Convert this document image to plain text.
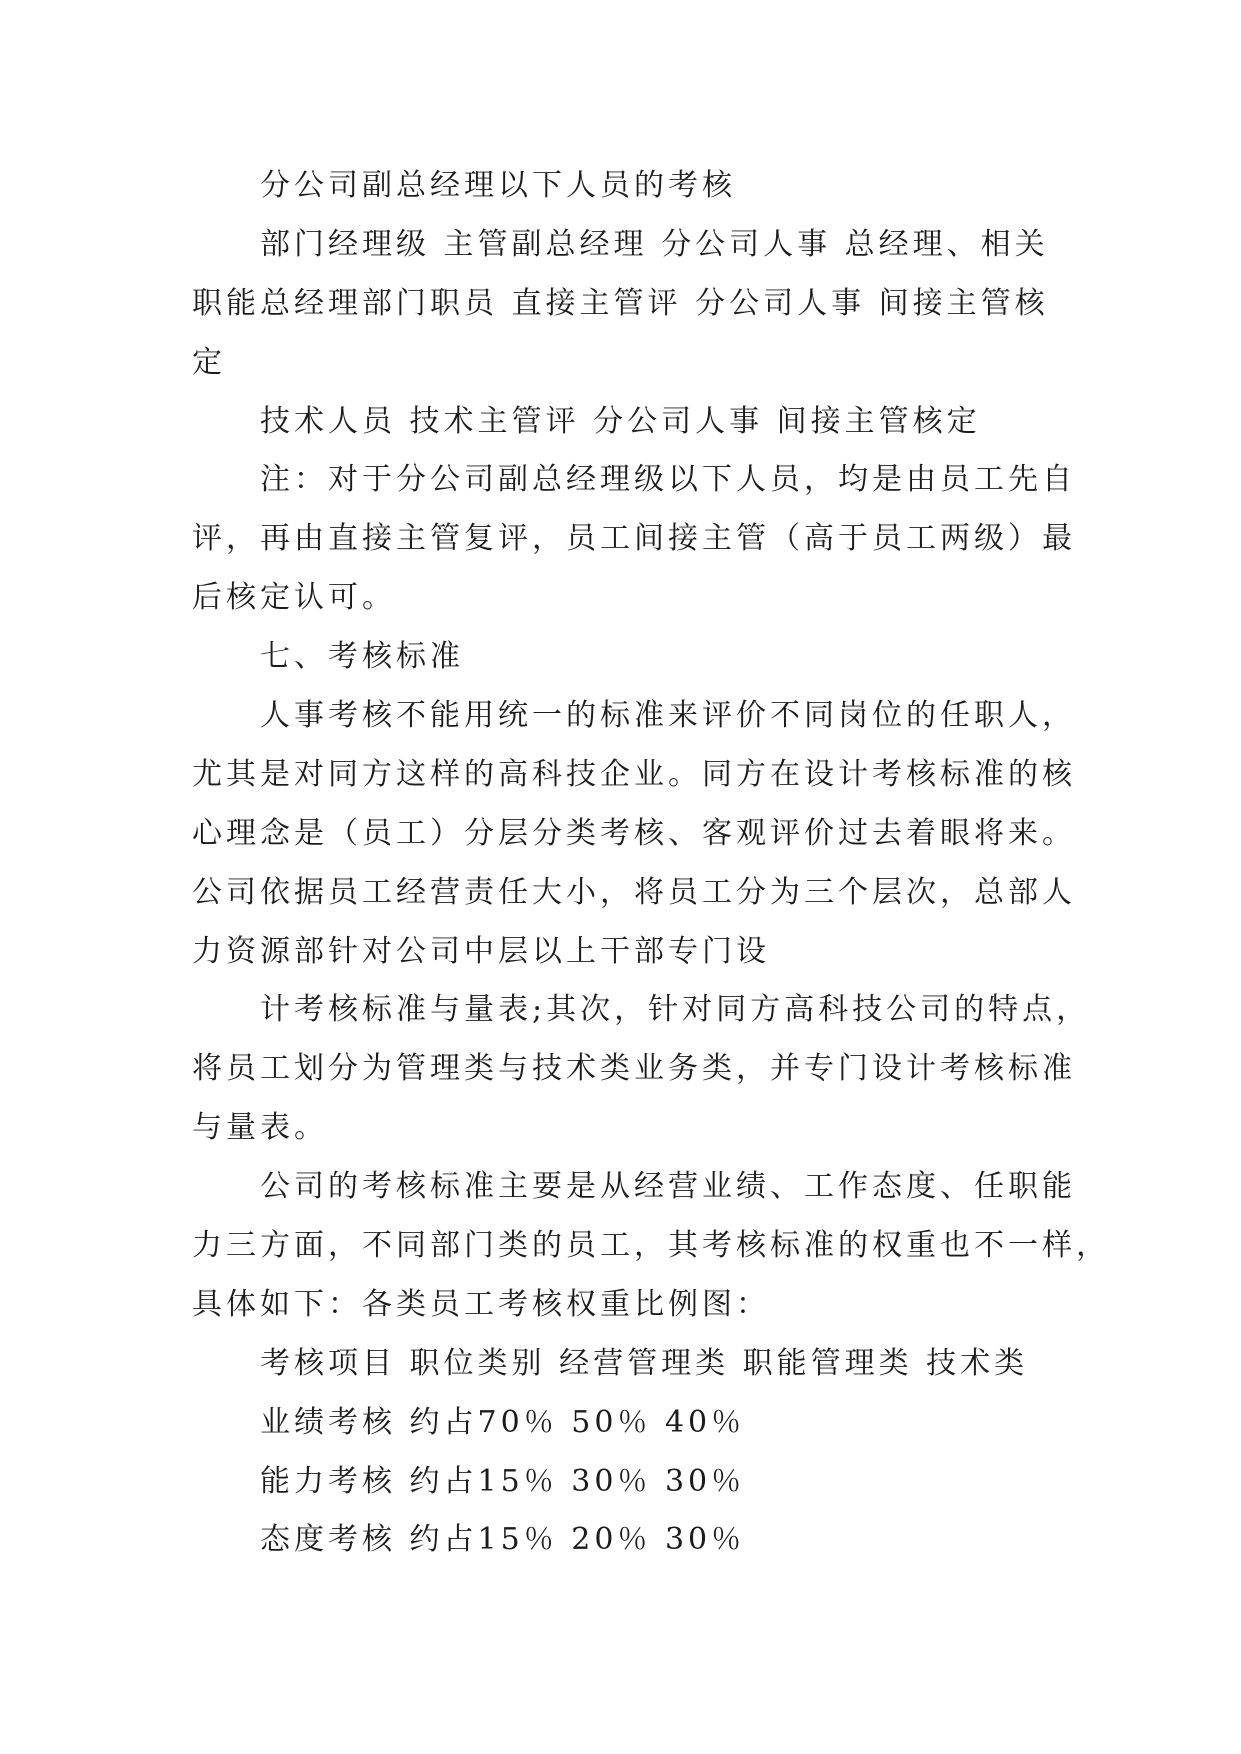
分公司副总经理以下人员的考核
部门经理级 主管副总经理 分公司人事 总经理、相关
职能总经理部门职员 直接主管评 分公司人事 间接主管核
定
技术人员 技术主管评 分公司人事 间接主管核定
注：对于分公司副总经理级以下人员，均是由员工先自
评，再由直接主管复评，员工间接主管（高于员工两级）最
后核定认可。
七、考核标准
人事考核不能用统一的标准来评价不同岗位的任职人，
尤其是对同方这样的高科技企业。同方在设计考核标准的核
心理念是（员工）分层分类考核、客观评价过去着眼将来。
公司依据员工经营责任大小，将员工分为三个层次，总部人
力资源部针对公司中层以上干部专门设
计考核标准与量表;其次，针对同方高科技公司的特点，
将员工划分为管理类与技术类业务类，并专门设计考核标准
与量表。
公司的考核标准主要是从经营业绩、工作态度、任职能
力三方面，不同部门类的员工，其考核标准的权重也不一样，
具体如下：各类员工考核权重比例图：
考核项目 职位类别 经营管理类 职能管理类 技术类
业绩考核 约占70％ 50％ 40％
能力考核 约占15％ 30％ 30％
态度考核 约占15％ 20％ 30％
